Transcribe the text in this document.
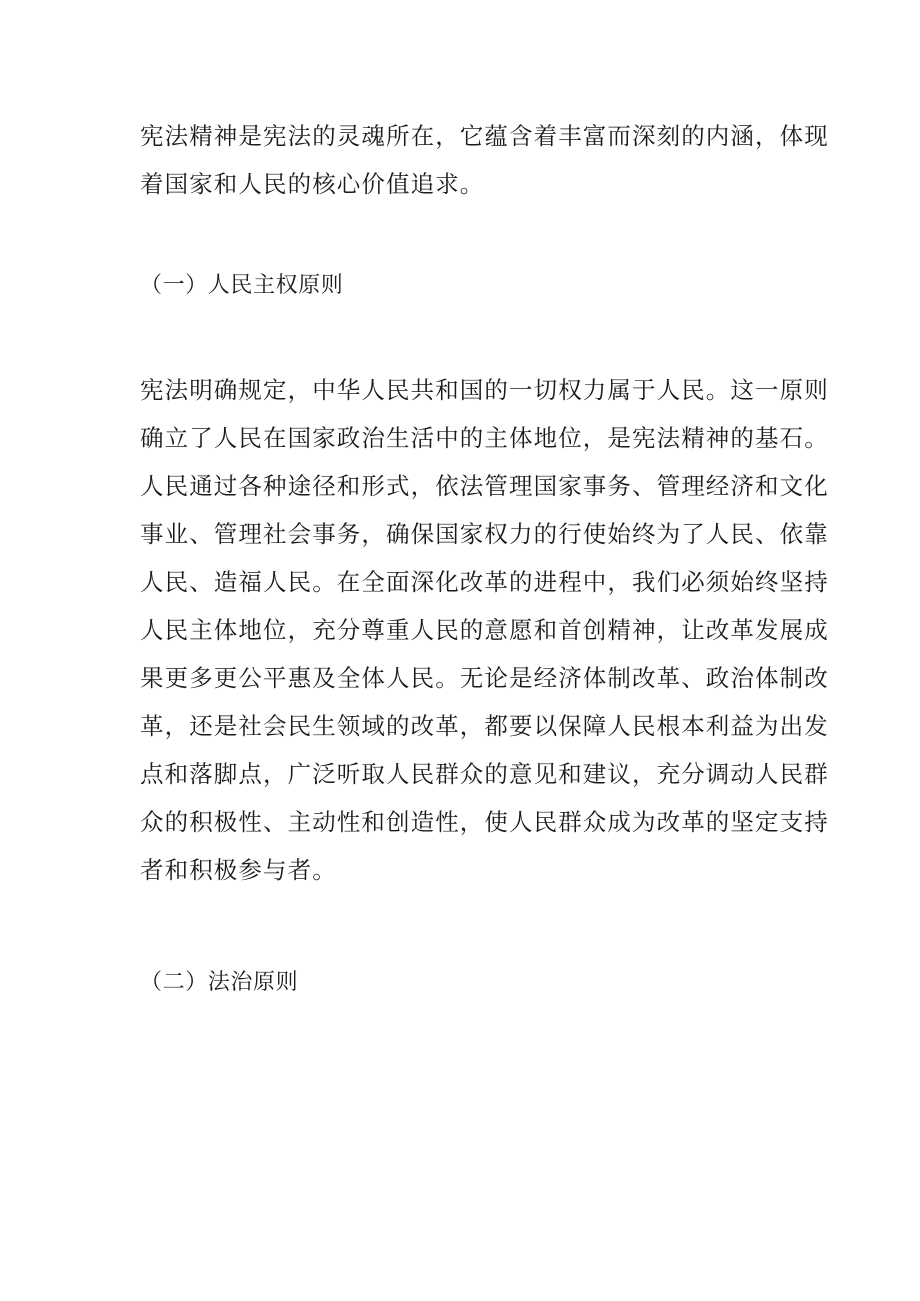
宪法精神是宪法的灵魂所在，它蕴含着丰富而深刻的内涵，体现
着国家和人民的核心价值追求。
（一）人民主权原则
宪法明确规定，中华人民共和国的一切权力属于人民。这一原则
确立了人民在国家政治生活中的主体地位，是宪法精神的基石。
人民通过各种途径和形式，依法管理国家事务、管理经济和文化
事业、管理社会事务，确保国家权力的行使始终为了人民、依靠
人民、造福人民。在全面深化改革的进程中，我们必须始终坚持
人民主体地位，充分尊重人民的意愿和首创精神，让改革发展成
果更多更公平惠及全体人民。无论是经济体制改革、政治体制改
革，还是社会民生领域的改革，都要以保障人民根本利益为出发
点和落脚点，广泛听取人民群众的意见和建议，充分调动人民群
众的积极性、主动性和创造性，使人民群众成为改革的坚定支持
者和积极参与者。
（二）法治原则
